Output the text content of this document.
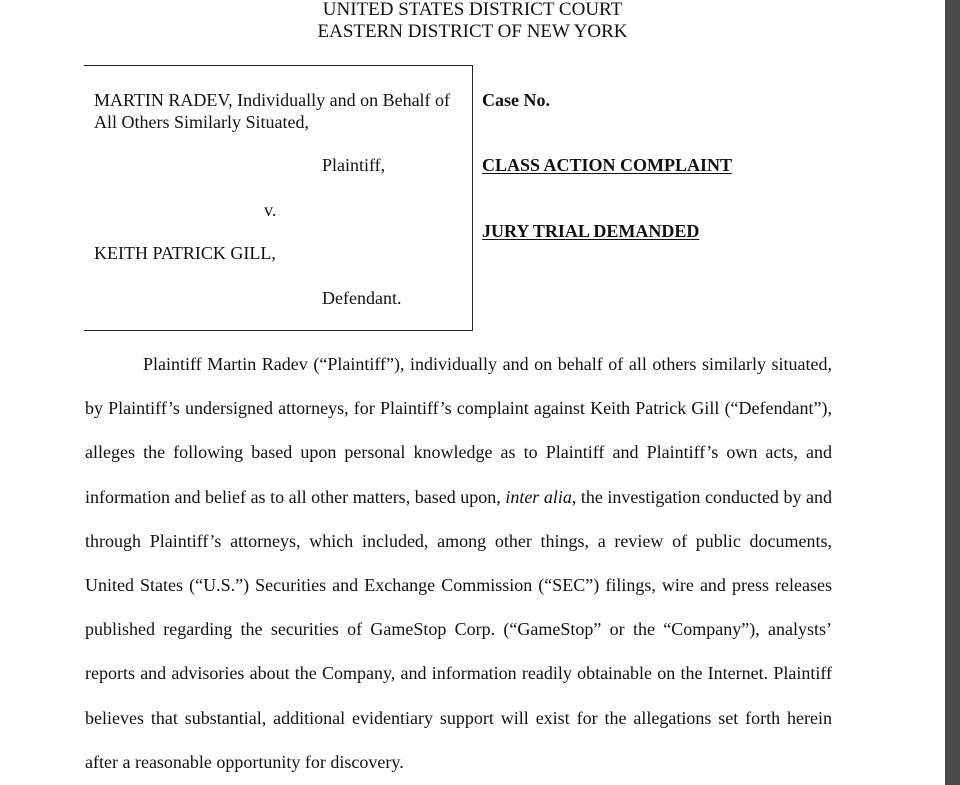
UNITED STATES DISTRICT COURT
EASTERN DISTRICT OF NEW YORK

MARTIN RADEV, Individually and on Behalf of All Others Similarly Situated,

Plaintiff,

v.

KEITH PATRICK GILL,

Defendant.

Case No.

CLASS ACTION COMPLAINT

JURY TRIAL DEMANDED

Plaintiff Martin Radev (“Plaintiff”), individually and on behalf of all others similarly situated, by Plaintiff’s undersigned attorneys, for Plaintiff’s complaint against Keith Patrick Gill (“Defendant”), alleges the following based upon personal knowledge as to Plaintiff and Plaintiff’s own acts, and information and belief as to all other matters, based upon, inter alia, the investigation conducted by and through Plaintiff’s attorneys, which included, among other things, a review of public documents, United States (“U.S.”) Securities and Exchange Commission (“SEC”) filings, wire and press releases published regarding the securities of GameStop Corp. (“GameStop” or the “Company”), analysts’ reports and advisories about the Company, and information readily obtainable on the Internet. Plaintiff believes that substantial, additional evidentiary support will exist for the allegations set forth herein after a reasonable opportunity for discovery.
